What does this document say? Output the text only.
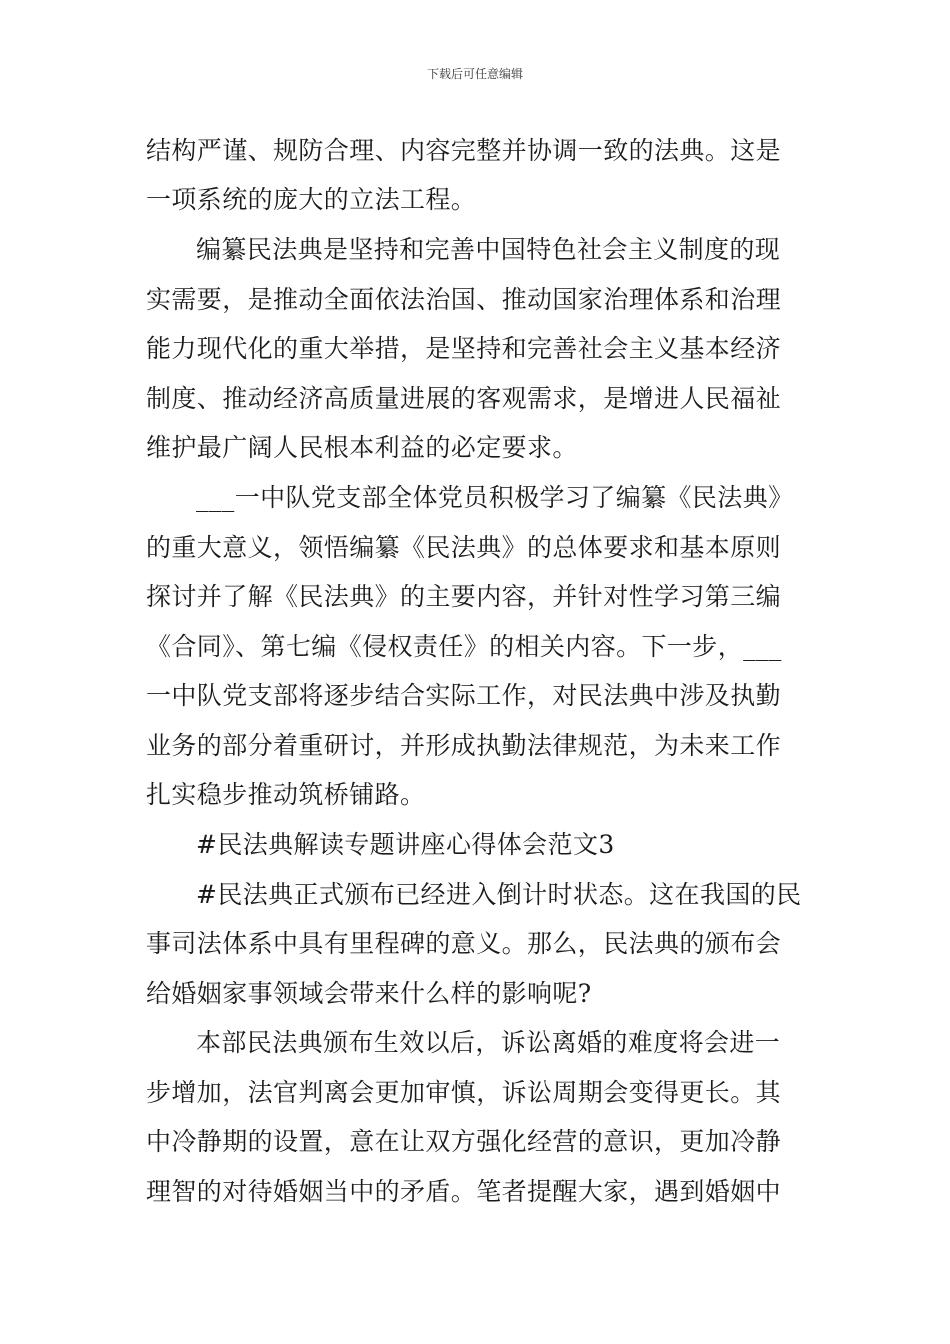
下载后可任意编辑
结构严谨、规防合理、内容完整并协调一致的法典。这是
一项系统的庞大的立法工程。
编纂民法典是坚持和完善中国特色社会主义制度的现
实需要，是推动全面依法治国、推动国家治理体系和治理
能力现代化的重大举措，是坚持和完善社会主义基本经济
制度、推动经济高质量进展的客观需求，是增进人民福祉
维护最广阔人民根本利益的必定要求。
___一中队党支部全体党员积极学习了编纂《民法典》
的重大意义，领悟编纂《民法典》的总体要求和基本原则
探讨并了解《民法典》的主要内容，并针对性学习第三编
《合同》、第七编《侵权责任》的相关内容。下一步，___
一中队党支部将逐步结合实际工作，对民法典中涉及执勤
业务的部分着重研讨，并形成执勤法律规范，为未来工作
扎实稳步推动筑桥铺路。
#民法典解读专题讲座心得体会范文3
#民法典正式颁布已经进入倒计时状态。这在我国的民
事司法体系中具有里程碑的意义。那么，民法典的颁布会
给婚姻家事领域会带来什么样的影响呢?
本部民法典颁布生效以后，诉讼离婚的难度将会进一
步增加，法官判离会更加审慎，诉讼周期会变得更长。其
中冷静期的设置，意在让双方强化经营的意识，更加冷静
理智的对待婚姻当中的矛盾。笔者提醒大家，遇到婚姻中
